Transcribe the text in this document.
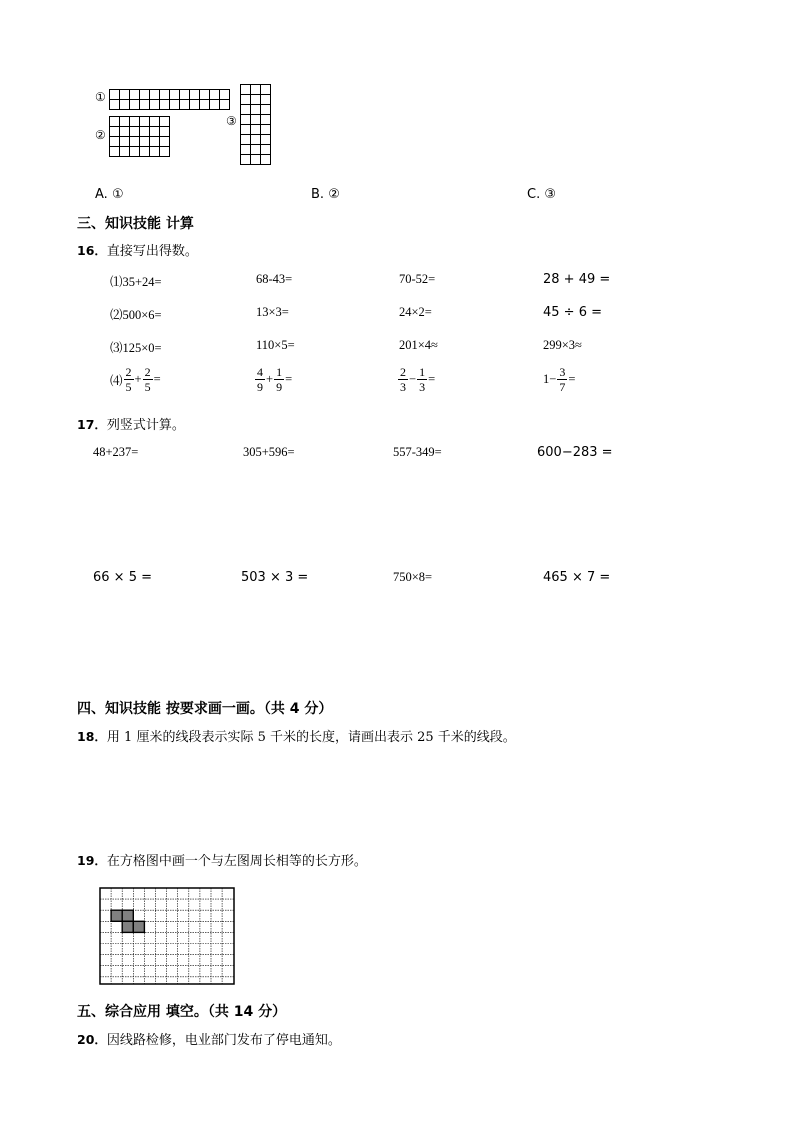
①
②
③
A. ①	B. ②	C. ③
三、知识技能 计算
16．直接写出得数。
⑴35+24=	68-43=	70-52=	28 + 49 =
⑵500×6=	13×3=	24×2=	45 ÷ 6 =
⑶125×0=	110×5=	201×4≈	299×3≈
⑷ $\frac{2}{5} + \frac{2}{5}$ =	$\frac{4}{9} + \frac{1}{9}$ =	$\frac{2}{3} - \frac{1}{3}$ =	$1- \frac{3}{7}$ =
17．列竖式计算。
48+237=	305+596=	557-349=	600−283 =
66 × 5 =	503 × 3 =	750×8=	465 × 7 =
四、知识技能 按要求画一画。（共 4 分）
18．用 1 厘米的线段表示实际 5 千米的长度，请画出表示 25 千米的线段。
19．在方格图中画一个与左图周长相等的长方形。
五、综合应用 填空。（共 14 分）
20．因线路检修，电业部门发布了停电通知。
